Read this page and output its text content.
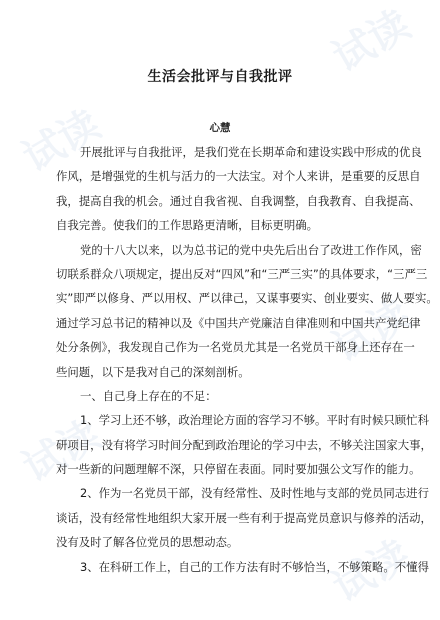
试读
试读
试读
试读
试读
生活会批评与自我批评
心慧
开展批评与自我批评，是我们党在长期革命和建设实践中形成的优良
作风，是增强党的生机与活力的一大法宝。对个人来讲，是重要的反思自
我，提高自我的机会。通过自我省视、自我调整，自我教育、自我提高、
自我完善。使我们的工作思路更清晰，目标更明确。
党的十八大以来，以为总书记的党中央先后出台了改进工作作风，密
切联系群众八项规定，提出反对“四风”和“三严三实”的具体要求，“三严三
实”即严以修身、严以用权、严以律己，又谋事要实、创业要实、做人要实。
通过学习总书记的精神以及《中国共产党廉洁自律准则和中国共产党纪律
处分条例》，我发现自己作为一名党员尤其是一名党员干部身上还存在一
些问题，以下是我对自己的深刻剖析。
一、自己身上存在的不足：
1、学习上还不够，政治理论方面的容学习不够。平时有时候只顾忙科
研项目，没有将学习时间分配到政治理论的学习中去，不够关注国家大事，
对一些新的问题理解不深，只停留在表面。同时要加强公文写作的能力。
2、作为一名党员干部，没有经常性、及时性地与支部的党员同志进行
谈话，没有经常性地组织大家开展一些有利于提高党员意识与修养的活动，
没有及时了解各位党员的思想动态。
3、在科研工作上，自己的工作方法有时不够恰当，不够策略。不懂得
